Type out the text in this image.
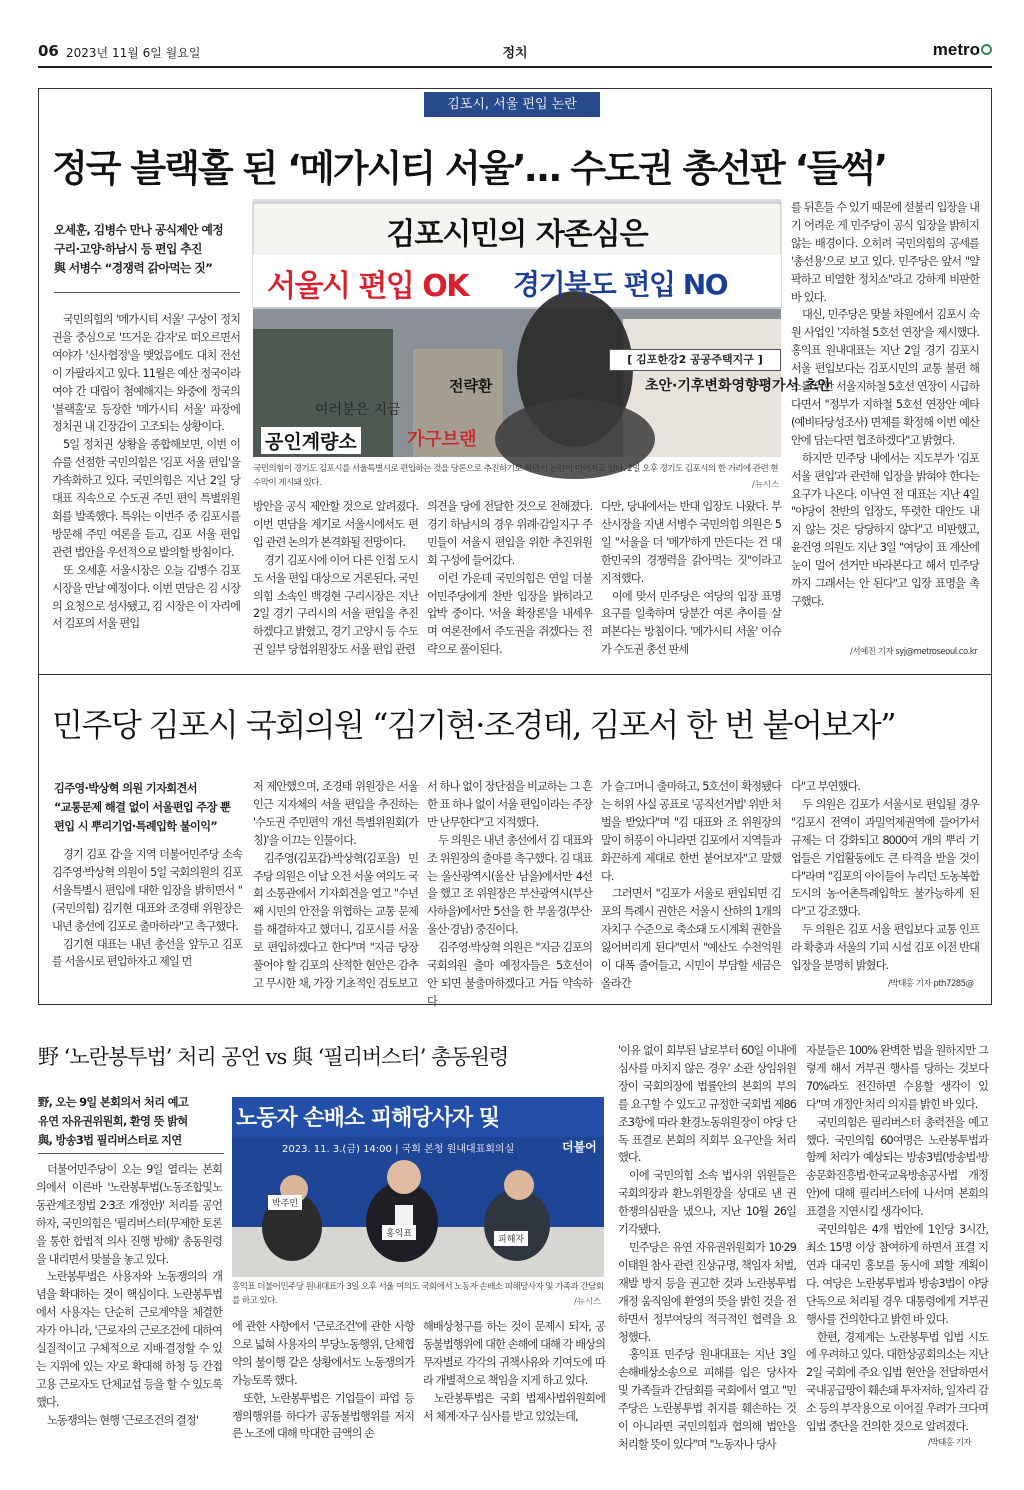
06 2023년 11월 6일 월요일	정치	metro
김포시, 서울 편입 논란
정국 블랙홀 된 ‘메가시티 서울’… 수도권 총선판 ‘들썩’
오세훈, 김병수 만나 공식제안 예정
구리·고양·하남시 등 편입 추진
與 서병수 “경쟁력 갉아먹는 짓”
김포시민의 자존심은
서울시 편입 OK 경기북도 편입 NO
[ 김포한강2 공공주택지구 ]
전략환	초안·기후변화영향평가서 초안
여러분은 지금
공인계량소	가구브랜
국민의힘이 경기도 김포시를 서울특별시로 편입하는 것을 당론으로 추진하기로 하면서 논란이 이어지고 있다. 2일 오후 경기도 김포시의 한 거리에 관련 현수막이 게시돼 있다.	/뉴시스

국민의힘의 '메가시티 서울' 구상이 정치권을 중심으로 '뜨거운 감자'로 떠오르면서 여야가 '신사협정'을 맺었음에도 대치 전선이 가팔라지고 있다. 11월은 예산 정국이라 여야 간 대립이 첨예해지는 와중에 정국의 '블랙홀'로 등장한 '메가시티 서울' 파장에 정치권 내 긴장감이 고조되는 상황이다.

5일 정치권 상황을 종합해보면, 이번 이슈를 선점한 국민의힘은 '김포 서울 편입'을 가속화하고 있다. 국민의힘은 지난 2일 당대표 직속으로 수도권 주민 편익 특별위원회를 발족했다. 특위는 이번주 중 김포시를 방문해 주민 여론을 듣고, 김포 서울 편입 관련 법안을 우선적으로 발의할 방침이다.

또 오세훈 서울시장은 오늘 김병수 김포시장을 만날 예정이다. 이번 면담은 김 시장의 요청으로 성사됐고, 김 시장은 이 자리에서 김포의 서울 편입

방안을 공식 제안할 것으로 알려졌다. 이번 면담을 계기로 서울시에서도 편입 관련 논의가 본격화될 전망이다.

경기 김포시에 이어 다른 인접 도시도 서울 편입 대상으로 거론된다. 국민의힘 소속인 백경현 구리시장은 지난 2일 경기 구리시의 서울 편입을 추진하겠다고 밝혔고, 경기 고양시 등 수도권 일부 당협위원장도 서울 편입 관련

의견을 당에 전달한 것으로 전해졌다. 경기 하남시의 경우 위례·감일지구 주민들이 서울시 편입을 위한 추진위원회 구성에 들어갔다.

이런 가운데 국민의힘은 연일 더불어민주당에게 찬반 입장을 밝히라고 압박 중이다. '서울 확장론'을 내세우며 여론전에서 주도권을 쥐겠다는 전략으로 풀이된다.

다만, 당내에서는 반대 입장도 나왔다. 부산시장을 지낸 서병수 국민의힘 의원은 5일 "서울을 더 '메가'하게 만든다는 건 대한민국의 경쟁력을 갉아먹는 짓"이라고 지적했다.

이에 맞서 민주당은 여당의 입장 표명 요구를 일축하며 당분간 여론 추이를 살펴본다는 방침이다. '메가시티 서울' 이슈가 수도권 총선 판세

를 뒤흔들 수 있기 때문에 섣불리 입장을 내기 어려운 게 민주당이 공식 입장을 밝히지 않는 배경이다. 오히려 국민의힘의 공세를 '총선용'으로 보고 있다. 민주당은 앞서 "얄팍하고 비열한 정치쇼"라고 강하게 비판한 바 있다.

대신, 민주당은 맞불 차원에서 김포시 숙원 사업인 '지하철 5호선 연장'을 제시했다. 홍익표 원내대표는 지난 2일 경기 김포시 서울 편입보다는 김포시민의 교통 불편 해소를 위한 서울지하철 5호선 연장이 시급하다면서 "정부가 지하철 5호선 연장안 예타(예비타당성조사) 면제를 확정해 이번 예산안에 담는다면 협조하겠다"고 밝혔다.

하지만 민주당 내에서는 지도부가 '김포 서울 편입'과 관련해 입장을 밝혀야 한다는 요구가 나온다. 이낙연 전 대표는 지난 4일 "야당이 찬반의 입장도, 뚜렷한 대안도 내지 않는 것은 당당하지 않다"고 비판했고, 윤건영 의원도 지난 3일 "여당이 표 계산에 눈이 멀어 선거만 바라본다고 해서 민주당까지 그래서는 안 된다"고 입장 표명을 촉구했다.

/서예진 기자 syj@metroseoul.co.kr
민주당 김포시 국회의원 “김기현·조경태, 김포서 한 번 붙어보자”
김주영·박상혁 의원 기자회견서
“교통문제 해결 없이 서울편입 주장 뿐
편입 시 뿌리기업·특례입학 불이익”

경기 김포 갑·을 지역 더불어민주당 소속 김주영·박상혁 의원이 5일 국회의원의 김포 서울특별시 편입에 대한 입장을 밝히면서 "(국민의힘) 김기현 대표와 조경태 위원장은 내년 총선에 김포로 출마하라"고 촉구했다.

김기현 대표는 내년 총선을 앞두고 김포를 서울시로 편입하자고 제일 먼

저 제안했으며, 조경태 위원장은 서울 인근 지자체의 서울 편입을 추진하는 '수도권 주민편익 개선 특별위원회(가칭)'을 이끄는 인물이다.

김주영(김포갑)·박상혁(김포을) 민주당 의원은 이날 오전 서울 여의도 국회 소통관에서 기자회견을 열고 "수년째 시민의 안전을 위협하는 교통 문제를 해결하자고 했더니, 김포시를 서울로 편입하겠다고 한다"며 "지금 당장 풀어야 할 김포의 산적한 현안은 감추고 무시한 채, 가장 기초적인 검토보고

서 하나 없이 장단점을 비교하는 그 흔한 표 하나 없이 서울 편입이라는 주장만 난무한다"고 지적했다.

두 의원은 내년 총선에서 김 대표와 조 위원장의 출마를 촉구했다. 김 대표는 울산광역시(울산 남을)에서만 4선을 했고 조 위원장은 부산광역시(부산 사하을)에서만 5선을 한 부울경(부산·울산·경남) 중진이다.

김주영·박상혁 의원은 "지금 김포의 국회의원 출마 예정자들은 5호선이 안 되면 불출마하겠다고 거듭 약속하다

가 슬그머니 출마하고, 5호선이 확정됐다는 허위 사실 공표로 '공직선거법' 위반 처벌을 받았다"며 "김 대표와 조 위원장의 말이 허풍이 아니라면 김포에서 지역들과 화끈하게 제대로 한번 붙어보자"고 말했다.

그러면서 "김포가 서울로 편입되면 김포의 특례시 권한은 서울시 산하의 1개의 자치구 수준으로 축소돼 도시계획 권한을 잃어버리게 된다"면서 "예산도 수천억원이 대폭 줄어들고, 시민이 부담할 세금은 올라간

다"고 부연했다.

두 의원은 김포가 서울시로 편입될 경우 "김포시 전역이 과밀억제권역에 들어가서 규제는 더 강화되고 8000여 개의 뿌리 기업들은 기업활동에도 큰 타격을 받을 것이다"라며 "김포의 아이들이 누리던 도농복합도시의 농·어촌특례입학도 불가능하게 된다"고 강조했다.

두 의원은 김포 서울 편입보다 교통 인프라 확충과 서울의 기피 시설 김포 이전 반대 입장을 분명히 밝혔다.

/박태홍 기자 pth7285@
野 ‘노란봉투법’ 처리 공언 vs 與 ‘필리버스터’ 총동원령
野, 오는 9일 본회의서 처리 예고
유연 자유권위원회, 환영 뜻 밝혀
與, 방송3법 필리버스터로 지연
노동자 손배소 피해당사자 및
2023. 11. 3.(금) 14:00 | 국회 본청 원내대표회의실	더불어
박주민
홍익표
피해자
홍익표 더불어민주당 원내대표가 3일 오후 서울 여의도 국회에서 노동자 손배소 피해당사자 및 가족과 간담회를 하고 있다.	/뉴시스

더불어민주당이 오는 9일 열리는 본회의에서 이른바 '노란봉투법(노동조합및노동관계조정법 2·3조 개정안)' 처리를 공언하자, 국민의힘은 '필리버스터(무제한 토론을 통한 합법적 의사 진행 방해)' 총동원령을 내리면서 맞불을 놓고 있다.

노란봉투법은 사용자와 노동쟁의의 개념을 확대하는 것이 핵심이다. 노란봉투법에서 사용자는 단순히 근로계약을 체결한 자가 아니라, '근로자의 근로조건에 대하여 실질적이고 구체적으로 지배·결정할 수 있는 지위에 있는 자'로 확대해 하청 등 간접고용 근로자도 단체교섭 등을 할 수 있도록 했다.

노동쟁의는 현행 '근로조건의 결정'

에 관한 사항에서 '근로조건'에 관한 사항으로 넓혀 사용자의 부당노동행위, 단체협약의 불이행 같은 상황에서도 노동쟁의가 가능토록 했다.

또한, 노란봉투법은 기업들이 파업 등 쟁의행위를 하다가 공동불법행위를 저지른 노조에 대해 막대한 금액의 손

해배상청구를 하는 것이 문제시 되자, 공동불법행위에 대한 손해에 대해 각 배상의무자별로 각각의 귀책사유와 기여도에 따라 개별적으로 책임을 지게 하고 있다.

노란봉투법은 국회 법제사법위원회에서 체계·자구 심사를 받고 있었는데,

'이유 없이 회부된 날로부터 60일 이내에 심사를 마치지 않은 경우' 소관 상임위원장이 국회의장에 법률안의 본회의 부의를 요구할 수 있도고 규정한 국회법 제86조3항에 따라 환경노동위원장이 야당 단독 표결로 본회의 직회부 요구안을 처리했다.

이에 국민의힘 소속 법사위 위원들은 국회의장과 환노위원장을 상대로 낸 권한쟁의심판을 냈으나, 지난 10월 26일 기각됐다.

민주당은 유연 자유권위원회가 10·29 이태원 참사 관련 진상규명, 책임자 처벌, 재발 방지 등을 권고한 것과 노란봉투법 개정 움직임에 환영의 뜻을 밝힌 것을 전하면서 정부여당의 적극적인 협력을 요청했다.

홍익표 민주당 원내대표는 지난 3일 손해배상소송으로 피해를 입은 당사자 및 가족들과 간담회를 국회에서 열고 "민주당은 노란봉투법 취지를 훼손하는 것이 아니라면 국민의힘과 협의해 법안을 처리할 뜻이 있다"며 "노동자나 당사

자분들은 100% 완벽한 법을 원하지만 그렇게 해서 거부권 행사를 당하는 것보다 70%라도 전진하면 수용할 생각이 있다"며 개정안 처리 의지를 밝힌 바 있다.

국민의힘은 필리버스터 총력전을 예고했다. 국민의힘 60여명은 노란봉투법과 함께 처리가 예상되는 방송3법(방송법·방송문화진흥법·한국교육방송공사법 개정안)에 대해 필리버스터에 나서며 본회의 표결을 지연시킬 생각이다.

국민의힘은 4개 법안에 1인당 3시간, 최소 15명 이상 참여하게 하면서 표결 지연과 대국민 홍보를 동시에 꾀할 계획이다. 여당은 노란봉투법과 방송3법이 야당 단독으로 처리될 경우 대통령에게 거부권 행사를 건의한다고 밝힌 바 있다.

한편, 경제계는 노란봉투법 입법 시도에 우려하고 있다. 대한상공회의소는 지난 2일 국회에 주요 입법 현안을 전달하면서 국내공급망이 훼손돼 투자저하, 일자리 감소 등의 부작용으로 이어질 우려가 크다며 입법 중단을 건의한 것으로 알려졌다.

/박태홍 기자
